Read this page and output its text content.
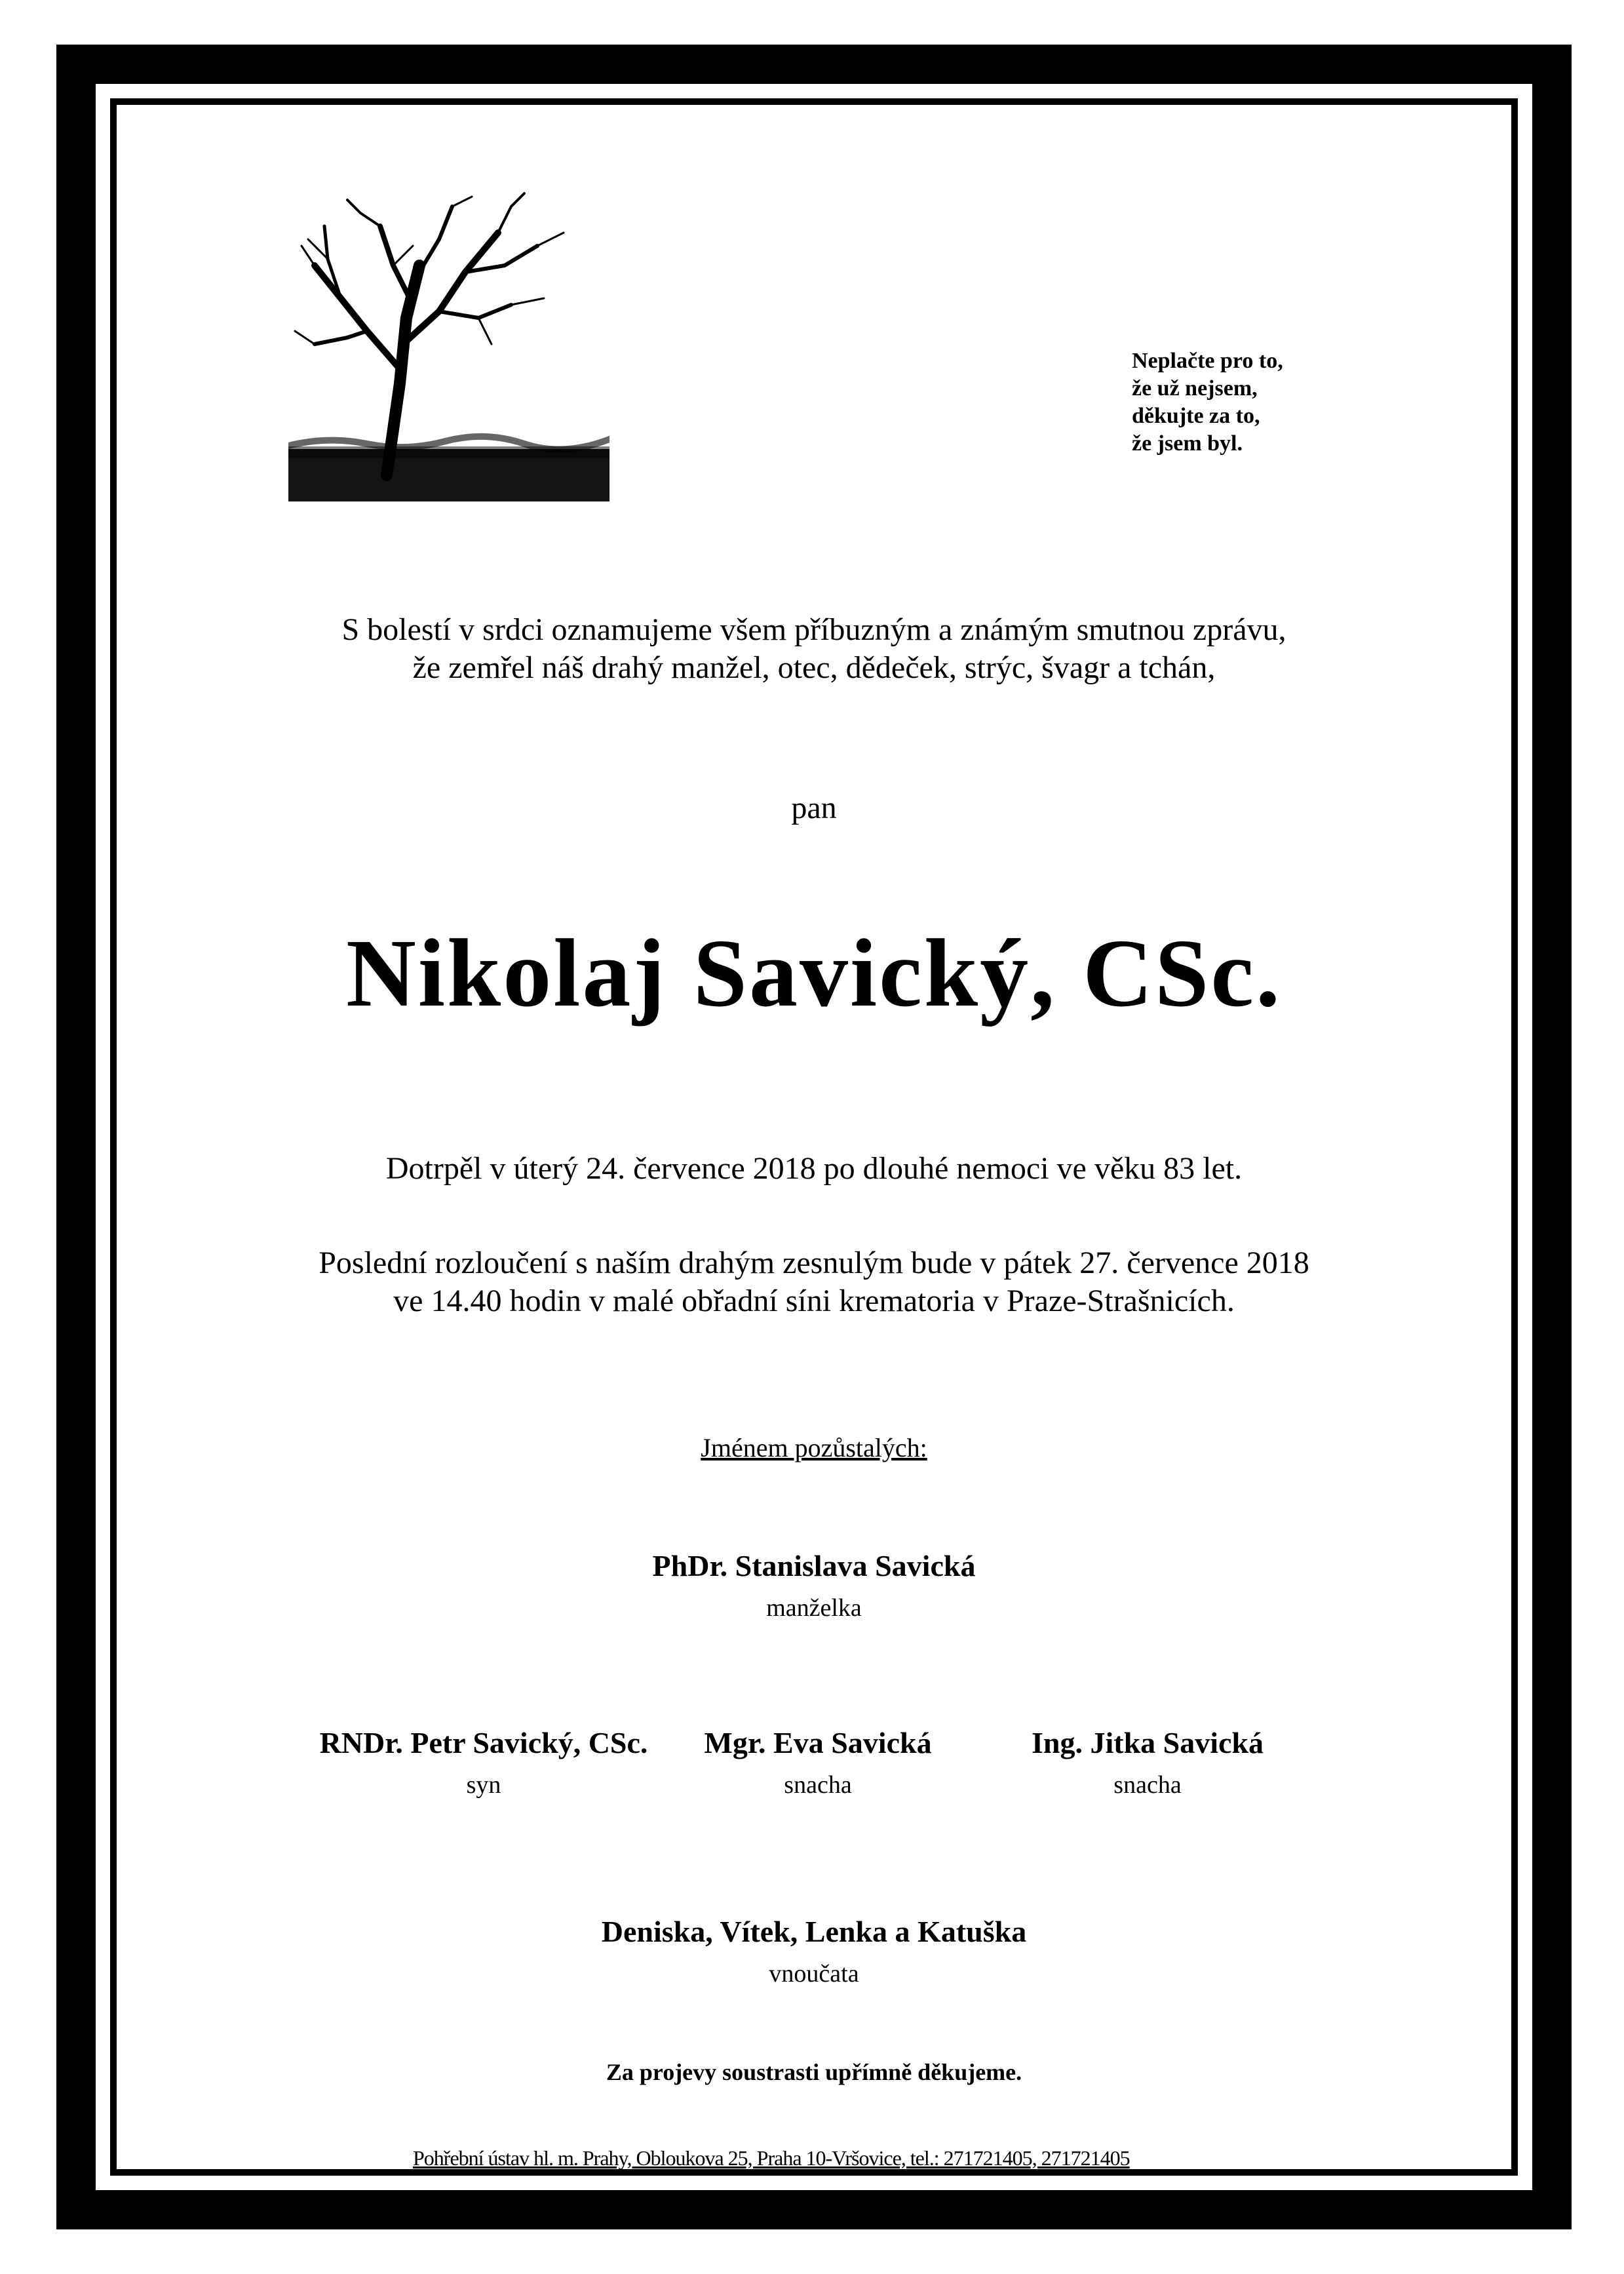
Neplačte pro to,
že už nejsem,
děkujte za to,
že jsem byl.
S bolestí v srdci oznamujeme všem příbuzným a známým smutnou zprávu,
že zemřel náš drahý manžel, otec, dědeček, strýc, švagr a tchán,
pan
Nikolaj Savický, CSc.
Dotrpěl v úterý 24. července 2018 po dlouhé nemoci ve věku 83 let.
Poslední rozloučení s naším drahým zesnulým bude v pátek 27. července 2018
ve 14.40 hodin v malé obřadní síni krematoria v Praze-Strašnicích.
Jménem pozůstalých:
PhDr. Stanislava Savická
manželka
RNDr. Petr Savický, CSc.
syn
Mgr. Eva Savická
snacha
Ing. Jitka Savická
snacha
Deniska, Vítek, Lenka a Katuška
vnoučata
Za projevy soustrasti upřímně děkujeme.
Pohřební ústav hl. m. Prahy, Obloukova 25, Praha 10-Vršovice, tel.: 271721405, 271721405
